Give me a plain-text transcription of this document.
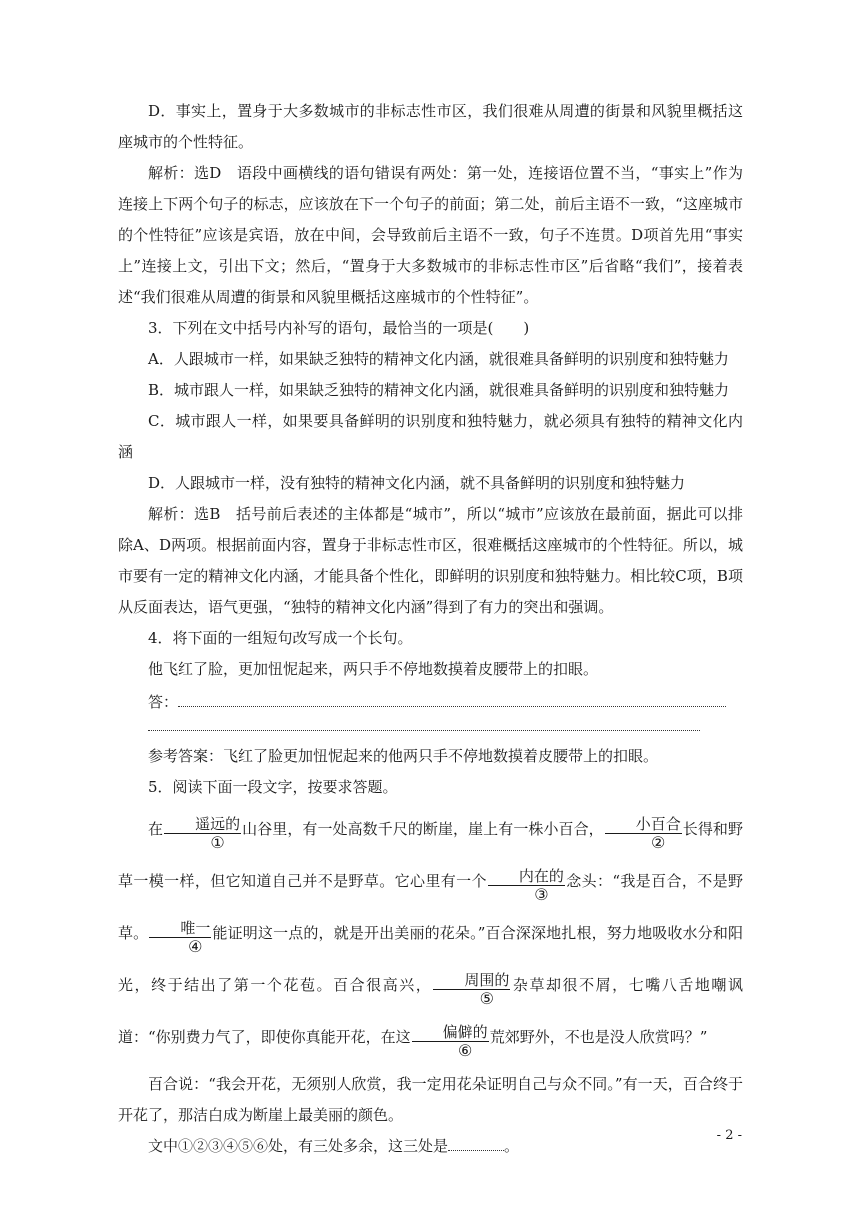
D．事实上，置身于大多数城市的非标志性市区，我们很难从周遭的街景和风貌里概括这座城市的个性特征。

解析：选D　语段中画横线的语句错误有两处：第一处，连接语位置不当，“事实上”作为连接上下两个句子的标志，应该放在下一个句子的前面；第二处，前后主语不一致，“这座城市的个性特征”应该是宾语，放在中间，会导致前后主语不一致，句子不连贯。D项首先用“事实上”连接上文，引出下文；然后，“置身于大多数城市的非标志性市区”后省略“我们”，接着表述“我们很难从周遭的街景和风貌里概括这座城市的个性特征”。

3．下列在文中括号内补写的语句，最恰当的一项是(　　)

A．人跟城市一样，如果缺乏独特的精神文化内涵，就很难具备鲜明的识别度和独特魅力

B．城市跟人一样，如果缺乏独特的精神文化内涵，就很难具备鲜明的识别度和独特魅力

C．城市跟人一样，如果要具备鲜明的识别度和独特魅力，就必须具有独特的精神文化内涵

D．人跟城市一样，没有独特的精神文化内涵，就不具备鲜明的识别度和独特魅力

解析：选B　括号前后表述的主体都是“城市”，所以“城市”应该放在最前面，据此可以排除A、D两项。根据前面内容，置身于非标志性市区，很难概括这座城市的个性特征。所以，城市要有一定的精神文化内涵，才能具备个性化，即鲜明的识别度和独特魅力。相比较C项，B项从反面表达，语气更强，“独特的精神文化内涵”得到了有力的突出和强调。

4．将下面的一组短句改写成一个长句。

他飞红了脸，更加忸怩起来，两只手不停地数摸着皮腰带上的扣眼。

答：

参考答案：飞红了脸更加忸怩起来的他两只手不停地数摸着皮腰带上的扣眼。

5．阅读下面一段文字，按要求答题。

在	遥远的
①
山谷里，有一处高数千尺的断崖，崖上有一株小百合，	小百合
②
长得和野草一模一样，但它知道自己并不是野草。它心里有一个	内在的
③
念头：“我是百合，不是野草。	唯一
④
能证明这一点的，就是开出美丽的花朵。”百合深深地扎根，努力地吸收水分和阳光，终于结出了第一个花苞。百合很高兴，	周围的
⑤
杂草却很不屑，七嘴八舌地嘲讽道：“你别费力气了，即使你真能开花，在这	偏僻的
⑥
荒郊野外，不也是没人欣赏吗？”

百合说：“我会开花，无须别人欣赏，我一定用花朵证明自己与众不同。”有一天，百合终于开花了，那洁白成为断崖上最美丽的颜色。

文中①②③④⑤⑥处，有三处多余，这三处是	。

- 2 -
